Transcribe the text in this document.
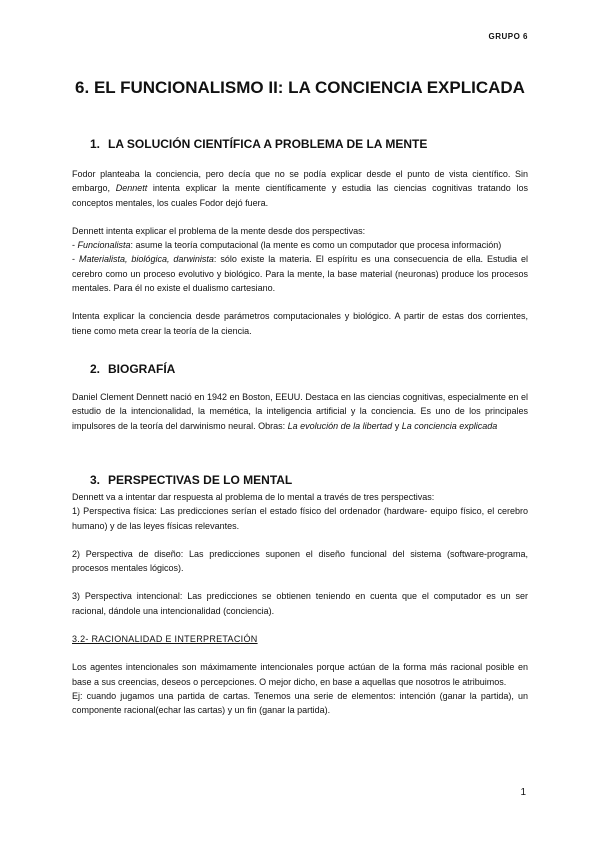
GRUPO 6
6. EL FUNCIONALISMO II: LA CONCIENCIA EXPLICADA
1. LA SOLUCIÓN CIENTÍFICA A PROBLEMA DE LA MENTE

Fodor planteaba la conciencia, pero decía que no se podía explicar desde el punto de vista científico. Sin embargo, Dennett intenta explicar la mente científicamente y estudia las ciencias cognitivas tratando los conceptos mentales, los cuales Fodor dejó fuera.

Dennett intenta explicar el problema de la mente desde dos perspectivas:

- Funcionalista: asume la teoría computacional (la mente es como un computador que procesa información)

- Materialista, biológica, darwinista: sólo existe la materia. El espíritu es una consecuencia de ella. Estudia el cerebro como un proceso evolutivo y biológico. Para la mente, la base material (neuronas) produce los procesos mentales. Para él no existe el dualismo cartesiano.

Intenta explicar la conciencia desde parámetros computacionales y biológico. A partir de estas dos corrientes, tiene como meta crear la teoría de la ciencia.

2. BIOGRAFÍA

Daniel Clement Dennett nació en 1942 en Boston, EEUU. Destaca en las ciencias cognitivas, especialmente en el estudio de la intencionalidad, la memética, la inteligencia artificial y la conciencia. Es uno de los principales impulsores de la teoría del darwinismo neural. Obras: La evolución de la libertad y La conciencia explicada

3. PERSPECTIVAS DE LO MENTAL

Dennett va a intentar dar respuesta al problema de lo mental a través de tres perspectivas:

1) Perspectiva física: Las predicciones serían el estado físico del ordenador (hardware- equipo físico, el cerebro humano) y de las leyes físicas relevantes.

2) Perspectiva de diseño: Las predicciones suponen el diseño funcional del sistema (software-programa, procesos mentales lógicos).

3) Perspectiva intencional: Las predicciones se obtienen teniendo en cuenta que el computador es un ser racional, dándole una intencionalidad (conciencia).

3.2- RACIONALIDAD E INTERPRETACIÓN

Los agentes intencionales son máximamente intencionales porque actúan de la forma más racional posible en base a sus creencias, deseos o percepciones. O mejor dicho, en base a aquellas que nosotros le atribuimos.

Ej: cuando jugamos una partida de cartas. Tenemos una serie de elementos: intención (ganar la partida), un componente racional(echar las cartas) y un fin (ganar la partida).

1
